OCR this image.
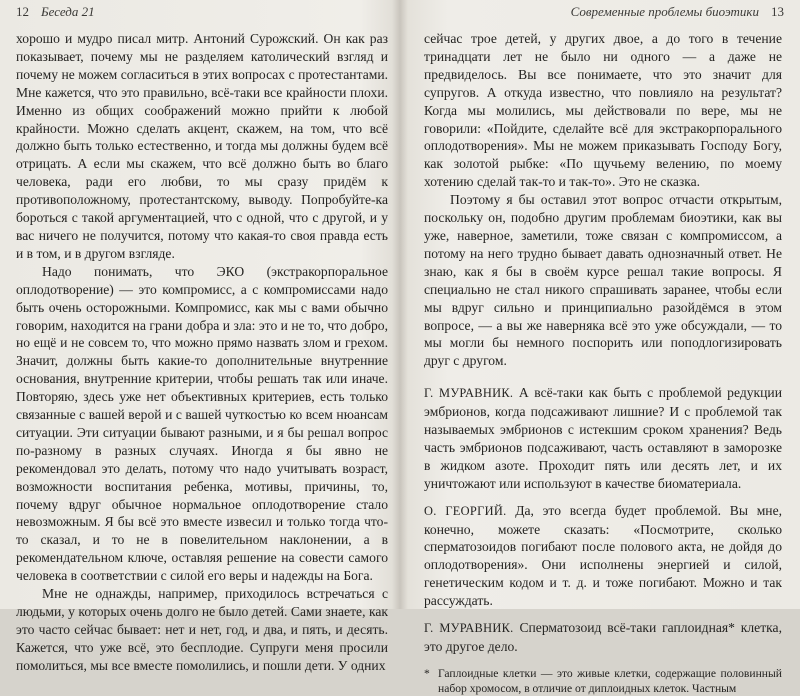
12 Беседа 21

хорошо и мудро писал митр. Антоний Сурожский. Он как раз показывает, почему мы не разделяем католический взгляд и почему не можем согласиться в этих вопросах с протестантами. Мне кажется, что это правильно, всё-таки все крайности плохи. Именно из общих соображений можно прийти к любой крайности. Можно сделать акцент, скажем, на том, что всё должно быть только естественно, и тогда мы должны будем всё отрицать. А если мы скажем, что всё должно быть во благо человека, ради его любви, то мы сразу придём к противоположному, протестантскому, выводу. Попробуйте-ка бороться с такой аргументацией, что с одной, что с другой, и у вас ничего не получится, потому что какая-то своя правда есть и в том, и в другом взгляде.

Надо понимать, что ЭКО (экстракорпоральное оплодотворение) — это компромисс, а с компромиссами надо быть очень осторожными. Компромисс, как мы с вами обычно говорим, находится на грани добра и зла: это и не то, что добро, но ещё и не совсем то, что можно прямо назвать злом и грехом. Значит, должны быть какие-то дополнительные внутренние основания, внутренние критерии, чтобы решать так или иначе. Повторяю, здесь уже нет объективных критериев, есть только связанные с вашей верой и с вашей чуткостью ко всем нюансам ситуации. Эти ситуации бывают разными, и я бы решал вопрос по-разному в разных случаях. Иногда я бы явно не рекомендовал это делать, потому что надо учитывать возраст, возможности воспитания ребенка, мотивы, причины, то, почему вдруг обычное нормальное оплодотворение стало невозможным. Я бы всё это вместе извесил и только тогда что-то сказал, и то не в повелительном наклонении, а в рекомендательном ключе, оставляя решение на совести самого человека в соответствии с силой его веры и надежды на Бога.

Мне не однажды, например, приходилось встречаться с людьми, у которых очень долго не было детей. Сами знаете, как это часто сейчас бывает: нет и нет, год, и два, и пять, и десять. Кажется, что уже всё, это бесплодие. Супруги меня просили помолиться, мы все вместе помолились, и пошли дети. У одних

Современные проблемы биоэтики 13

сейчас трое детей, у других двое, а до того в течение тринадцати лет не было ни одного — а даже не предвиделось. Вы все понимаете, что это значит для супругов. А откуда известно, что повлияло на результат? Когда мы молились, мы действовали по вере, мы не говорили: «Пойдите, сделайте всё для экстракорпорального оплодотворения». Мы не можем приказывать Господу Богу, как золотой рыбке: «По щучьему велению, по моему хотению сделай так-то и так-то». Это не сказка.

Поэтому я бы оставил этот вопрос отчасти открытым, поскольку он, подобно другим проблемам биоэтики, как вы уже, наверное, заметили, тоже связан с компромиссом, а потому на него трудно бывает давать однозначный ответ. Не знаю, как я бы в своём курсе решал такие вопросы. Я специально не стал никого спрашивать заранее, чтобы если мы вдруг сильно и принципиально разойдёмся в этом вопросе, — а вы же наверняка всё это уже обсуждали, — то мы могли бы немного поспорить или поподлогизировать друг с другом.

Г. МУРАВНИК. А всё-таки как быть с проблемой редукции эмбрионов, когда подсаживают лишние? И с проблемой так называемых эмбрионов с истекшим сроком хранения? Ведь часть эмбрионов подсаживают, часть оставляют в заморозке в жидком азоте. Проходит пять или десять лет, и их уничтожают или используют в качестве биоматериала.

О. ГЕОРГИЙ. Да, это всегда будет проблемой. Вы мне, конечно, можете сказать: «Посмотрите, сколько сперматозоидов погибают после полового акта, не дойдя до оплодотворения». Они исполнены энергией и силой, генетическим кодом и т. д. и тоже погибают. Можно и так рассуждать.

Г. МУРАВНИК. Сперматозоид всё-таки гаплоидная* клетка, это другое дело.

* Гаплоидные клетки — это живые клетки, содержащие половинный набор хромосом, в отличие от диплоидных клеток. Частным
